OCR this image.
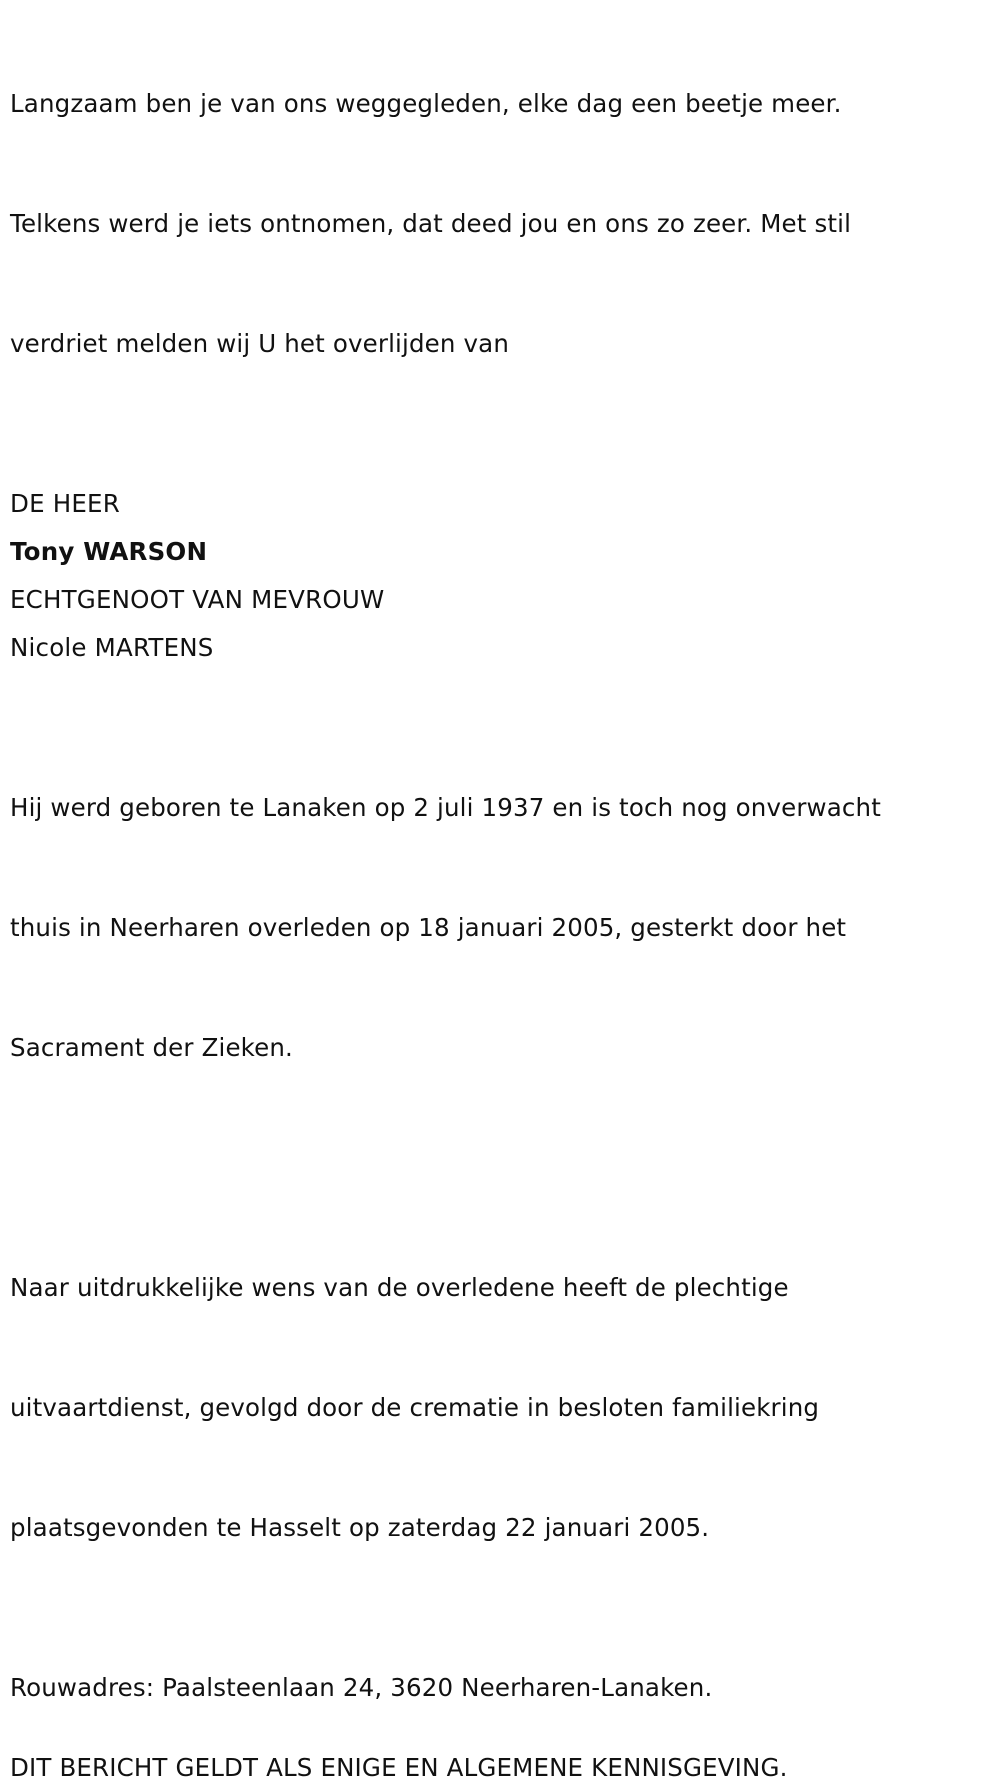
Langzaam ben je van ons weggegleden, elke dag een beetje meer.

Telkens werd je iets ontnomen, dat deed jou en ons zo zeer. Met stil

verdriet melden wij U het overlijden van

DE HEER
Tony WARSON
ECHTGENOOT VAN MEVROUW
Nicole MARTENS

Hij werd geboren te Lanaken op 2 juli 1937 en is toch nog onverwacht

thuis in Neerharen overleden op 18 januari 2005, gesterkt door het

Sacrament der Zieken.

Naar uitdrukkelijke wens van de overledene heeft de plechtige

uitvaartdienst, gevolgd door de crematie in besloten familiekring

plaatsgevonden te Hasselt op zaterdag 22 januari 2005.

Rouwadres: Paalsteenlaan 24, 3620 Neerharen-Lanaken.
DIT BERICHT GELDT ALS ENIGE EN ALGEMENE KENNISGEVING.
